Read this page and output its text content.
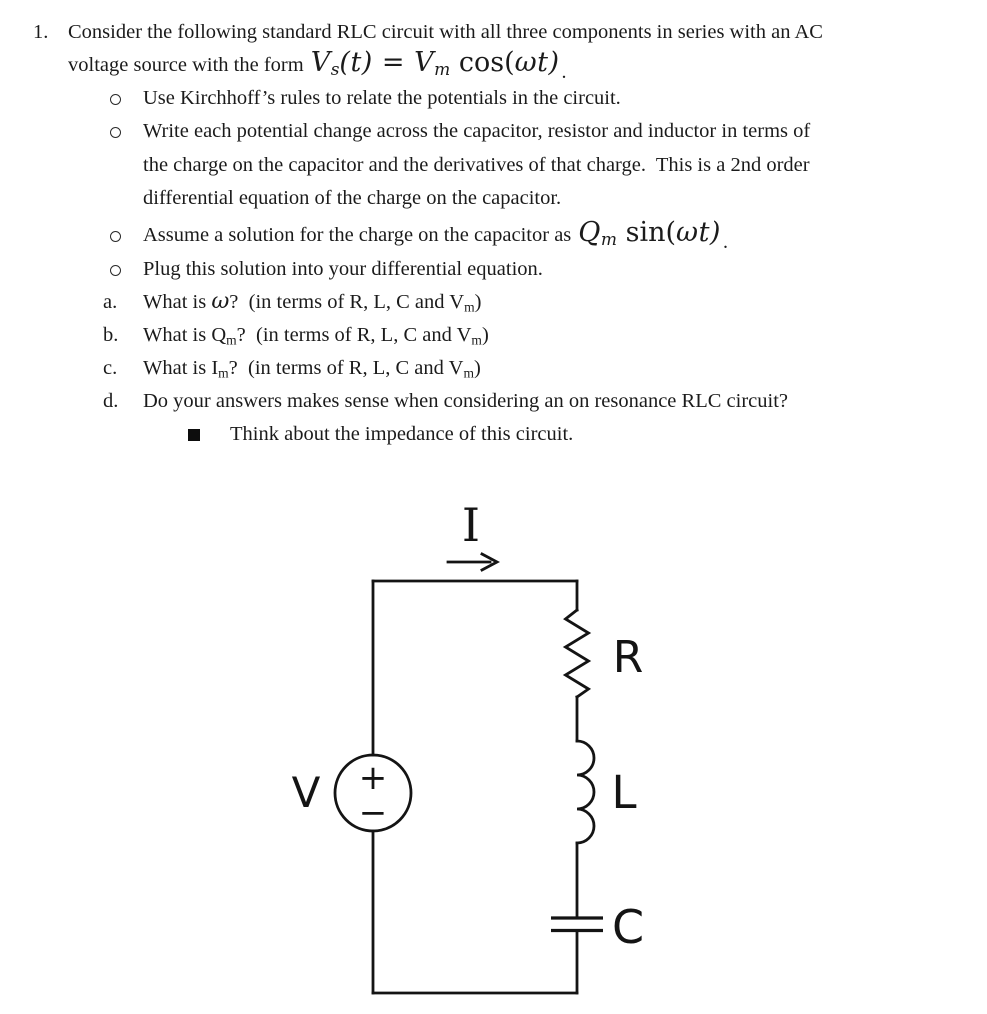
1.

Consider the following standard RLC circuit with all three components in series with an AC

voltage source with the form Vs(t) = Vm cos(ωt) .

Use Kirchhoff’s rules to relate the potentials in the circuit.

Write each potential change across the capacitor, resistor and inductor in terms of

the charge on the capacitor and the derivatives of that charge.  This is a 2nd order

differential equation of the charge on the capacitor.

Assume a solution for the charge on the capacitor as Qm sin(ωt) .

Plug this solution into your differential equation.

a.

What is ω?  (in terms of R, L, C and Vm)

b.

What is Qm?  (in terms of R, L, C and Vm)

c.

What is Im?  (in terms of R, L, C and Vm)

d.

Do your answers makes sense when considering an on resonance RLC circuit?

Think about the impedance of this circuit.

I
+
−
V
R
L
C
